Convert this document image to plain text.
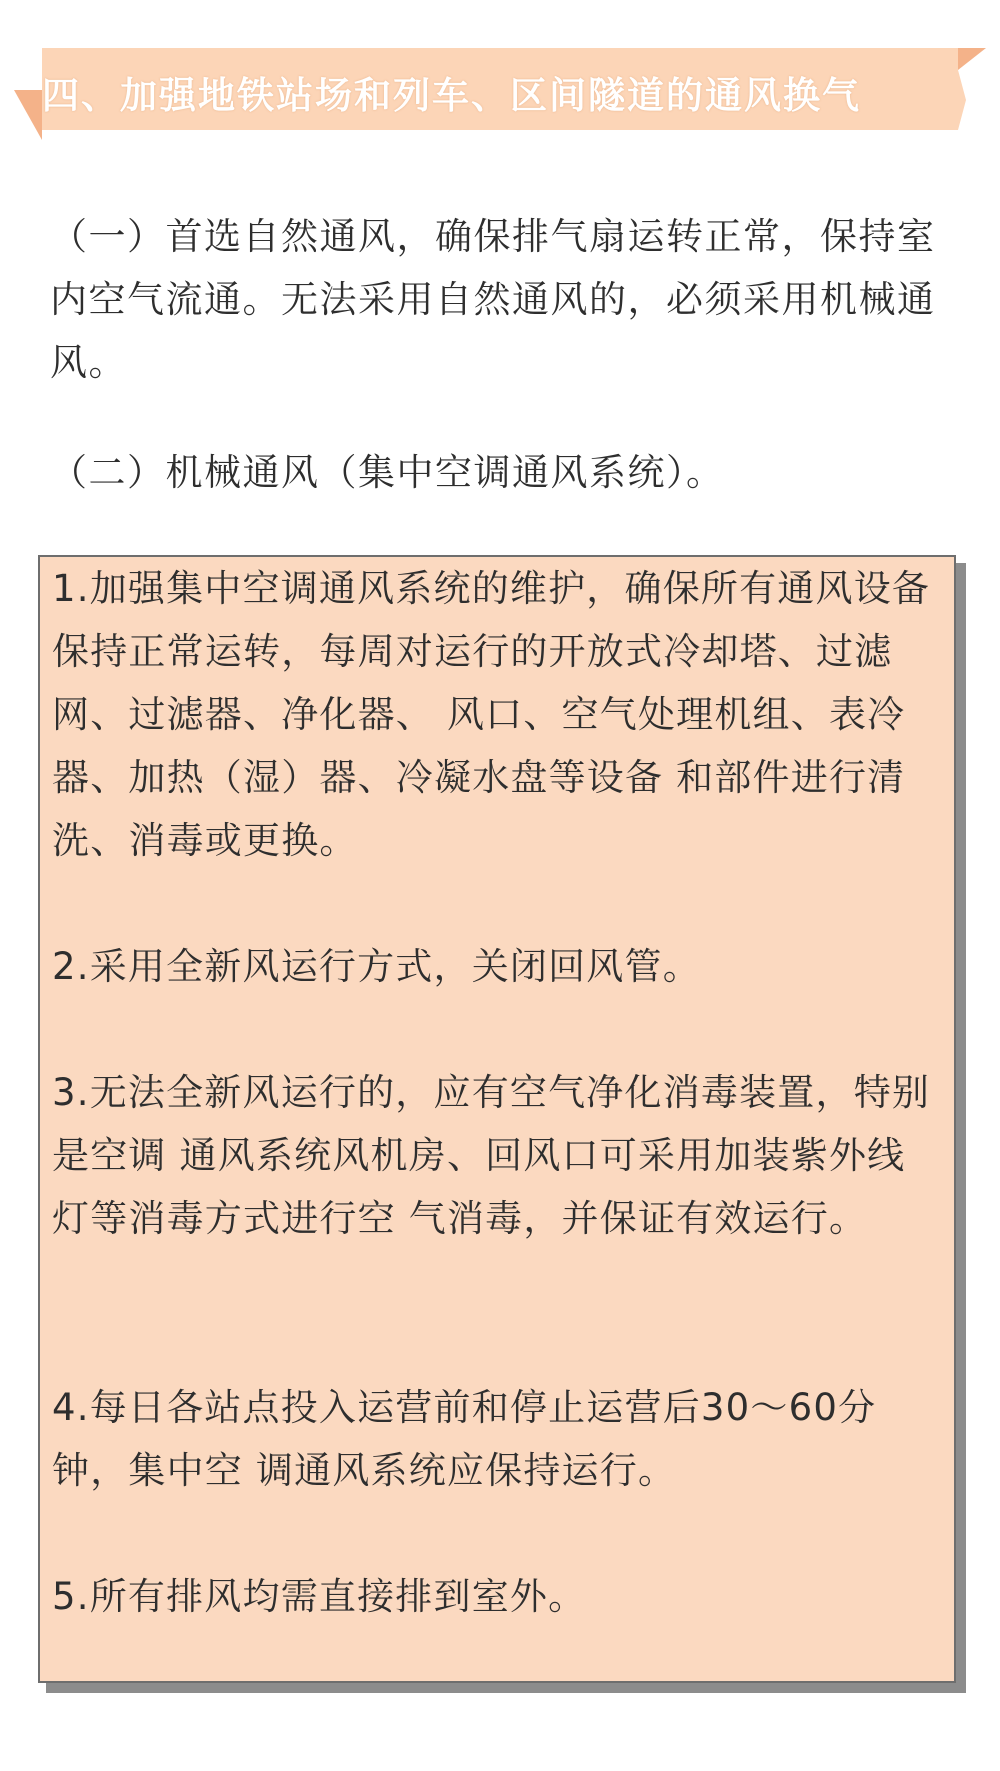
四、加强地铁站场和列车、区间隧道的通风换气
（一）首选自然通风，确保排气扇运转正常，保持室内空气流通。无法采用自然通风的，必须采用机械通风。
（二）机械通风（集中空调通风系统）。
1.加强集中空调通风系统的维护，确保所有通风设备保持正常运转，每周对运行的开放式冷却塔、过滤网、过滤器、净化器、 风口、空气处理机组、表冷器、加热（湿）器、冷凝水盘等设备 和部件进行清洗、消毒或更换。
2.采用全新风运行方式，关闭回风管。
3.无法全新风运行的，应有空气净化消毒装置，特别是空调 通风系统风机房、回风口可采用加装紫外线灯等消毒方式进行空 气消毒，并保证有效运行。
4.每日各站点投入运营前和停止运营后30～60分钟，集中空 调通风系统应保持运行。
5.所有排风均需直接排到室外。
